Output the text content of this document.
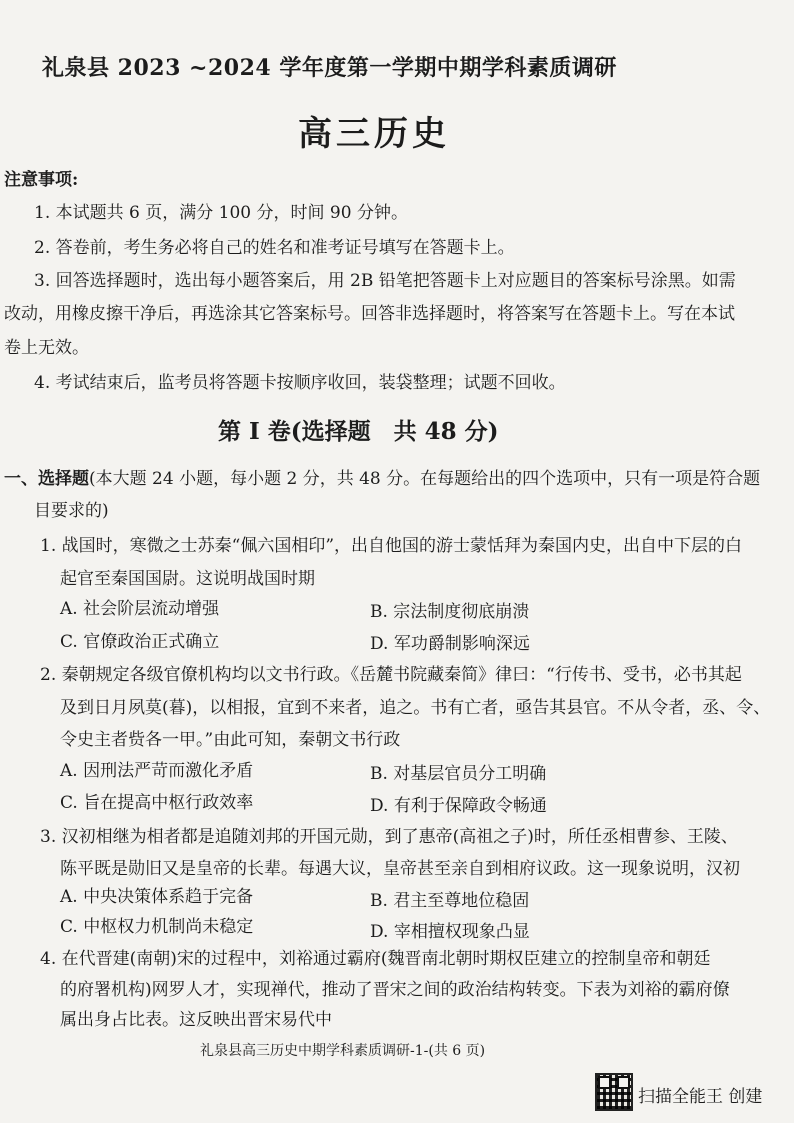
礼泉县 2023 ~2024 学年度第一学期中期学科素质调研
高三历史
注意事项:
1. 本试题共 6 页，满分 100 分，时间 90 分钟。
2. 答卷前，考生务必将自己的姓名和准考证号填写在答题卡上。
3. 回答选择题时，选出每小题答案后，用 2B 铅笔把答题卡上对应题目的答案标号涂黑。如需
改动，用橡皮擦干净后，再选涂其它答案标号。回答非选择题时，将答案写在答题卡上。写在本试
卷上无效。
4. 考试结束后，监考员将答题卡按顺序收回，装袋整理；试题不回收。
第 Ⅰ 卷(选择题　共 48 分)
一、选择题(本大题 24 小题，每小题 2 分，共 48 分。在每题给出的四个选项中，只有一项是符合题
目要求的)
1. 战国时，寒微之士苏秦“佩六国相印”，出自他国的游士蒙恬拜为秦国内史，出自中下层的白
起官至秦国国尉。这说明战国时期
A. 社会阶层流动增强	B. 宗法制度彻底崩溃
C. 官僚政治正式确立	D. 军功爵制影响深远
2. 秦朝规定各级官僚机构均以文书行政。《岳麓书院藏秦简》律曰：“行传书、受书，必书其起
及到日月夙莫(暮)，以相报，宜到不来者，追之。书有亡者，亟告其县官。不从令者，丞、令、
令史主者赀各一甲。”由此可知，秦朝文书行政
A. 因刑法严苛而激化矛盾	B. 对基层官员分工明确
C. 旨在提高中枢行政效率	D. 有利于保障政令畅通
3. 汉初相继为相者都是追随刘邦的开国元勋，到了惠帝(高祖之子)时，所任丞相曹参、王陵、
陈平既是勋旧又是皇帝的长辈。每遇大议，皇帝甚至亲自到相府议政。这一现象说明，汉初
A. 中央决策体系趋于完备	B. 君主至尊地位稳固
C. 中枢权力机制尚未稳定	D. 宰相擅权现象凸显
4. 在代晋建(南朝)宋的过程中，刘裕通过霸府(魏晋南北朝时期权臣建立的控制皇帝和朝廷
的府署机构)网罗人才，实现禅代，推动了晋宋之间的政治结构转变。下表为刘裕的霸府僚
属出身占比表。这反映出晋宋易代中
礼泉县高三历史中期学科素质调研-1-(共 6 页)
扫描全能王 创建
